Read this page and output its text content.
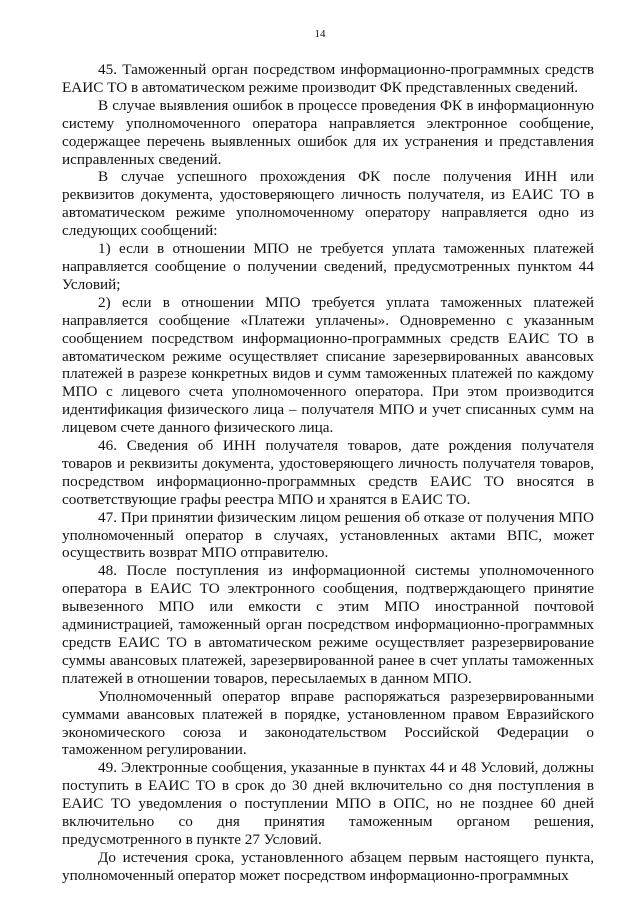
14

45. Таможенный орган посредством информационно-программных средств ЕАИС ТО в автоматическом режиме производит ФК представленных сведений.

В случае выявления ошибок в процессе проведения ФК в информационную систему уполномоченного оператора направляется электронное сообщение, содержащее перечень выявленных ошибок для их устранения и представления исправленных сведений.

В случае успешного прохождения ФК после получения ИНН или реквизитов документа, удостоверяющего личность получателя, из ЕАИС ТО в автоматическом режиме уполномоченному оператору направляется одно из следующих сообщений:

1) если в отношении МПО не требуется уплата таможенных платежей направляется сообщение о получении сведений, предусмотренных пунктом 44 Условий;

2) если в отношении МПО требуется уплата таможенных платежей направляется сообщение «Платежи уплачены». Одновременно с указанным сообщением посредством информационно-программных средств ЕАИС ТО в автоматическом режиме осуществляет списание зарезервированных авансовых платежей в разрезе конкретных видов и сумм таможенных платежей по каждому МПО с лицевого счета уполномоченного оператора. При этом производится идентификация физического лица – получателя МПО и учет списанных сумм на лицевом счете данного физического лица.

46. Сведения об ИНН получателя товаров, дате рождения получателя товаров и реквизиты документа, удостоверяющего личность получателя товаров, посредством информационно-программных средств ЕАИС ТО вносятся в соответствующие графы реестра МПО и хранятся в ЕАИС ТО.

47. При принятии физическим лицом решения об отказе от получения МПО уполномоченный оператор в случаях, установленных актами ВПС, может осуществить возврат МПО отправителю.

48. После поступления из информационной системы уполномоченного оператора в ЕАИС ТО электронного сообщения, подтверждающего принятие вывезенного МПО или емкости с этим МПО иностранной почтовой администрацией, таможенный орган посредством информационно-программных средств ЕАИС ТО в автоматическом режиме осуществляет разрезервирование суммы авансовых платежей, зарезервированной ранее в счет уплаты таможенных платежей в отношении товаров, пересылаемых в данном МПО.

Уполномоченный оператор вправе распоряжаться разрезервированными суммами авансовых платежей в порядке, установленном правом Евразийского экономического союза и законодательством Российской Федерации о таможенном регулировании.

49. Электронные сообщения, указанные в пунктах 44 и 48 Условий, должны поступить в ЕАИС ТО в срок до 30 дней включительно со дня поступления в ЕАИС ТО уведомления о поступлении МПО в ОПС, но не позднее 60 дней включительно со дня принятия таможенным органом решения, предусмотренного в пункте 27 Условий.

До истечения срока, установленного абзацем первым настоящего пункта, уполномоченный оператор может посредством информационно-программных
